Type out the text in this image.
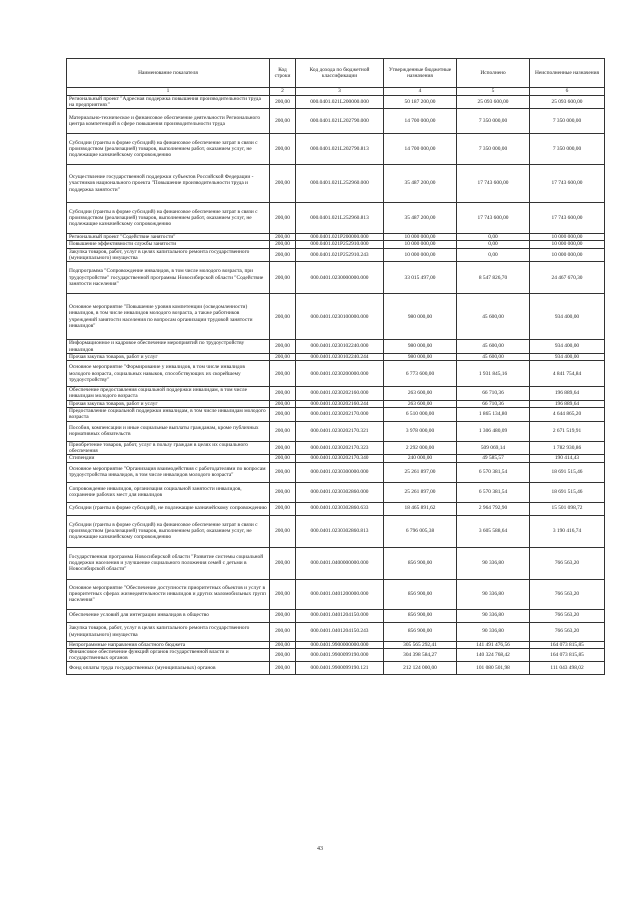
Наименование показателя	Код строки	Код дохода по бюджетной классификации	Утвержденные бюджетные назначения	Исполнено	Неисполненные назначения
1	2	3	4	5	6
Региональный проект "Адресная поддержка повышения производительности труда на предприятиях"	200,00	000.0401.021L200000.000	50 187 200,00	25 093 600,00	25 093 600,00
Материально-техническое и финансовое обеспечение деятельности Регионального центра компетенций в сфере повышения производительности труда	200,00	000.0401.021L202790.000	14 700 000,00	7 350 000,00	7 350 000,00
Субсидии (гранты в форме субсидий) на финансовое обеспечение затрат в связи с производством (реализацией) товаров, выполнением работ, оказанием услуг, не подлежащие казначейскому сопровождению	200,00	000.0401.021L202790.813	14 700 000,00	7 350 000,00	7 350 000,00
Осуществление государственной поддержки субъектов Российской Федерации - участников национального проекта "Повышение производительности труда и поддержка занятости"	200,00	000.0401.021L252960.000	35 487 200,00	17 743 600,00	17 743 600,00
Субсидии (гранты в форме субсидий) на финансовое обеспечение затрат в связи с производством (реализацией) товаров, выполнением работ, оказанием услуг, не подлежащие казначейскому сопровождению	200,00	000.0401.021L252960.813	35 487 200,00	17 743 600,00	17 743 600,00
Региональный проект "Содействие занятости"	200,00	000.0401.021P200000.000	10 000 000,00	0,00	10 000 000,00
Повышение эффективности службы занятости	200,00	000.0401.021P252910.000	10 000 000,00	0,00	10 000 000,00
Закупка товаров, работ, услуг в целях капитального ремонта государственного (муниципального) имущества	200,00	000.0401.021P252910.243	10 000 000,00	0,00	10 000 000,00
Подпрограмма "Сопровождение инвалидов, в том числе молодого возраста, при трудоустройстве" государственной программы Новосибирской области "Содействие занятости населения"	200,00	000.0401.0230000000.000	33 015 497,00	8 547 826,70	24 467 670,30
Основное мероприятие "Повышение уровня компетенции (осведомленности) инвалидов, в том числе инвалидов молодого возраста, а также работников учреждений занятости населения по вопросам организации трудовой занятости инвалидов"	200,00	000.0401.0230100000.000	980 000,00	45 600,00	934 400,00
Информационное и кадровое обеспечение мероприятий по трудоустройству инвалидов	200,00	000.0401.0230102240.000	980 000,00	45 600,00	934 400,00
Прочая закупка товаров, работ и услуг	200,00	000.0401.0230102240.244	980 000,00	45 600,00	934 400,00
Основное мероприятие "Формирование у инвалидов, в том числе инвалидов молодого возраста, социальных навыков, способствующих их скорейшему трудоустройству"	200,00	000.0401.0230200000.000	6 773 600,00	1 931 845,16	4 841 754,84
Обеспечение предоставления социальной поддержки инвалидам, в том числе инвалидам молодого возраста	200,00	000.0401.0230202160.000	263 600,00	66 710,36	196 889,64
Прочая закупка товаров, работ и услуг	200,00	000.0401.0230202160.244	263 600,00	66 710,36	196 889,64
Предоставление социальной поддержки инвалидам, в том числе инвалидам молодого возраста	200,00	000.0401.0230202170.000	6 510 000,00	1 865 134,80	4 644 865,20
Пособия, компенсации и иные социальные выплаты гражданам, кроме публичных нормативных обязательств	200,00	000.0401.0230202170.321	3 978 000,00	1 306 480,09	2 671 519,91
Приобретение товаров, работ, услуг в пользу граждан в целях их социального обеспечения	200,00	000.0401.0230202170.323	2 292 000,00	509 069,14	1 782 930,86
Стипендии	200,00	000.0401.0230202170.340	240 000,00	49 585,57	190 414,43
Основное мероприятие "Организация взаимодействия с работодателями по вопросам трудоустройства инвалидов, в том числе инвалидов молодого возраста"	200,00	000.0401.0230300000.000	25 261 897,00	6 570 381,54	18 691 515,46
Сопровождение инвалидов, организация социальной занятости инвалидов, сохранение рабочих мест для инвалидов	200,00	000.0401.0230302860.000	25 261 897,00	6 570 381,54	18 691 515,46
Субсидии (гранты в форме субсидий), не подлежащие казначейскому сопровождению	200,00	000.0401.0230302860.633	18 465 891,62	2 964 792,90	15 501 098,72
Субсидии (гранты в форме субсидий) на финансовое обеспечение затрат в связи с производством (реализацией) товаров, выполнением работ, оказанием услуг, не подлежащие казначейскому сопровождению	200,00	000.0401.0230302860.813	6 796 005,38	3 605 588,64	3 190 416,74
Государственная программа Новосибирской области "Развитие системы социальной поддержки населения и улучшение социального положения семей с детьми в Новосибирской области"	200,00	000.0401.0400000000.000	856 900,00	90 336,80	766 563,20
Основное мероприятие "Обеспечение доступности приоритетных объектов и услуг в приоритетных сферах жизнедеятельности инвалидов и других маломобильных групп населения"	200,00	000.0401.0401200000.000	856 900,00	90 336,80	766 563,20
Обеспечение условий для интеграции инвалидов в общество	200,00	000.0401.0401204150.000	856 900,00	90 336,80	766 563,20
Закупка товаров, работ, услуг в целях капитального ремонта государственного (муниципального) имущества	200,00	000.0401.0401204150.243	856 900,00	90 336,80	766 563,20
Непрограммные направления областного бюджета	200,00	000.0401.9900000000.000	305 565 292,41	141 491 476,56	164 073 815,85
Финансовое обеспечение функций органов государственной власти и государственных органов	200,00	000.0401.9900099190.000	304 398 584,27	140 324 768,42	164 073 815,85
Фонд оплаты труда государственных (муниципальных) органов	200,00	000.0401.9900099190.121	212 124 000,00	101 080 501,98	111 043 498,02
43
